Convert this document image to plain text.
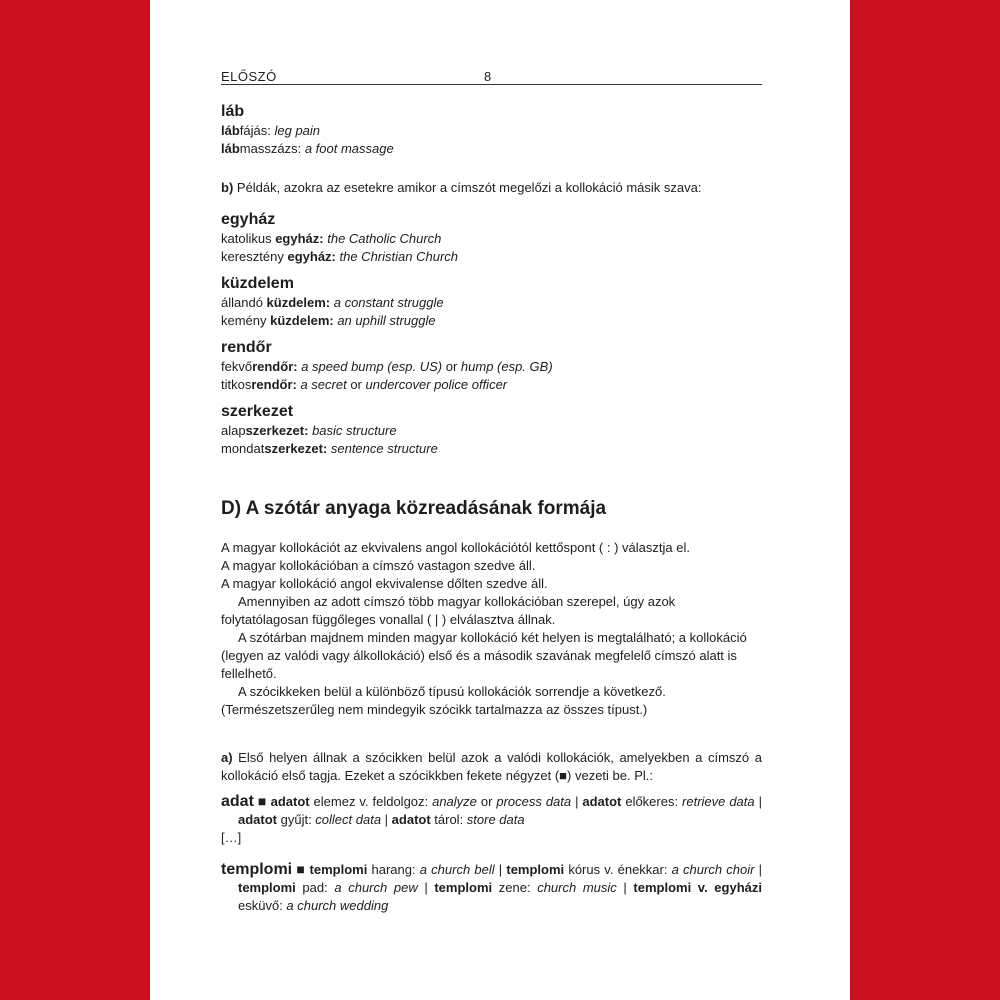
ELŐSZÓ	8

láb

lábfájás: leg pain

lábmasszázs: a foot massage

b) Példák, azokra az esetekre amikor a címszót megelőzi a kollokáció másik szava:

egyház

katolikus egyház: the Catholic Church

keresztény egyház: the Christian Church

küzdelem

állandó küzdelem: a constant struggle

kemény küzdelem: an uphill struggle

rendőr

fekvőrendőr: a speed bump (esp. US) or hump (esp. GB)

titkosrendőr: a secret or undercover police officer

szerkezet

alapszerkezet: basic structure

mondatszerkezet: sentence structure

D) A szótár anyaga közreadásának formája

A magyar kollokációt az ekvivalens angol kollokációtól kettőspont ( : ) választja el.

A magyar kollokációban a címszó vastagon szedve áll.

A magyar kollokáció angol ekvivalense dőlten szedve áll.

Amennyiben az adott címszó több magyar kollokációban szerepel, úgy azok folytatólagosan függőleges vonallal ( | ) elválasztva állnak.

A szótárban majdnem minden magyar kollokáció két helyen is megtalálható; a kollokáció (legyen az valódi vagy álkollokáció) első és a második szavának megfelelő címszó alatt is fellelhető.

A szócikkeken belül a különböző típusú kollokációk sorrendje a következő. (Természetszerűleg nem mindegyik szócikk tartalmazza az összes típust.)

a) Első helyen állnak a szócikken belül azok a valódi kollokációk, amelyekben a címszó a kollokáció első tagja. Ezeket a szócikkben fekete négyzet (■) vezeti be. Pl.:

adat ■ adatot elemez v. feldolgoz: analyze or process data | adatot előkeres: retrieve data | adatot gyűjt: collect data | adatot tárol: store data

[…]

templomi ■ templomi harang: a church bell | templomi kórus v. énekkar: a church choir | templomi pad: a church pew | templomi zene: church music | templomi v. egyházi esküvő: a church wedding
